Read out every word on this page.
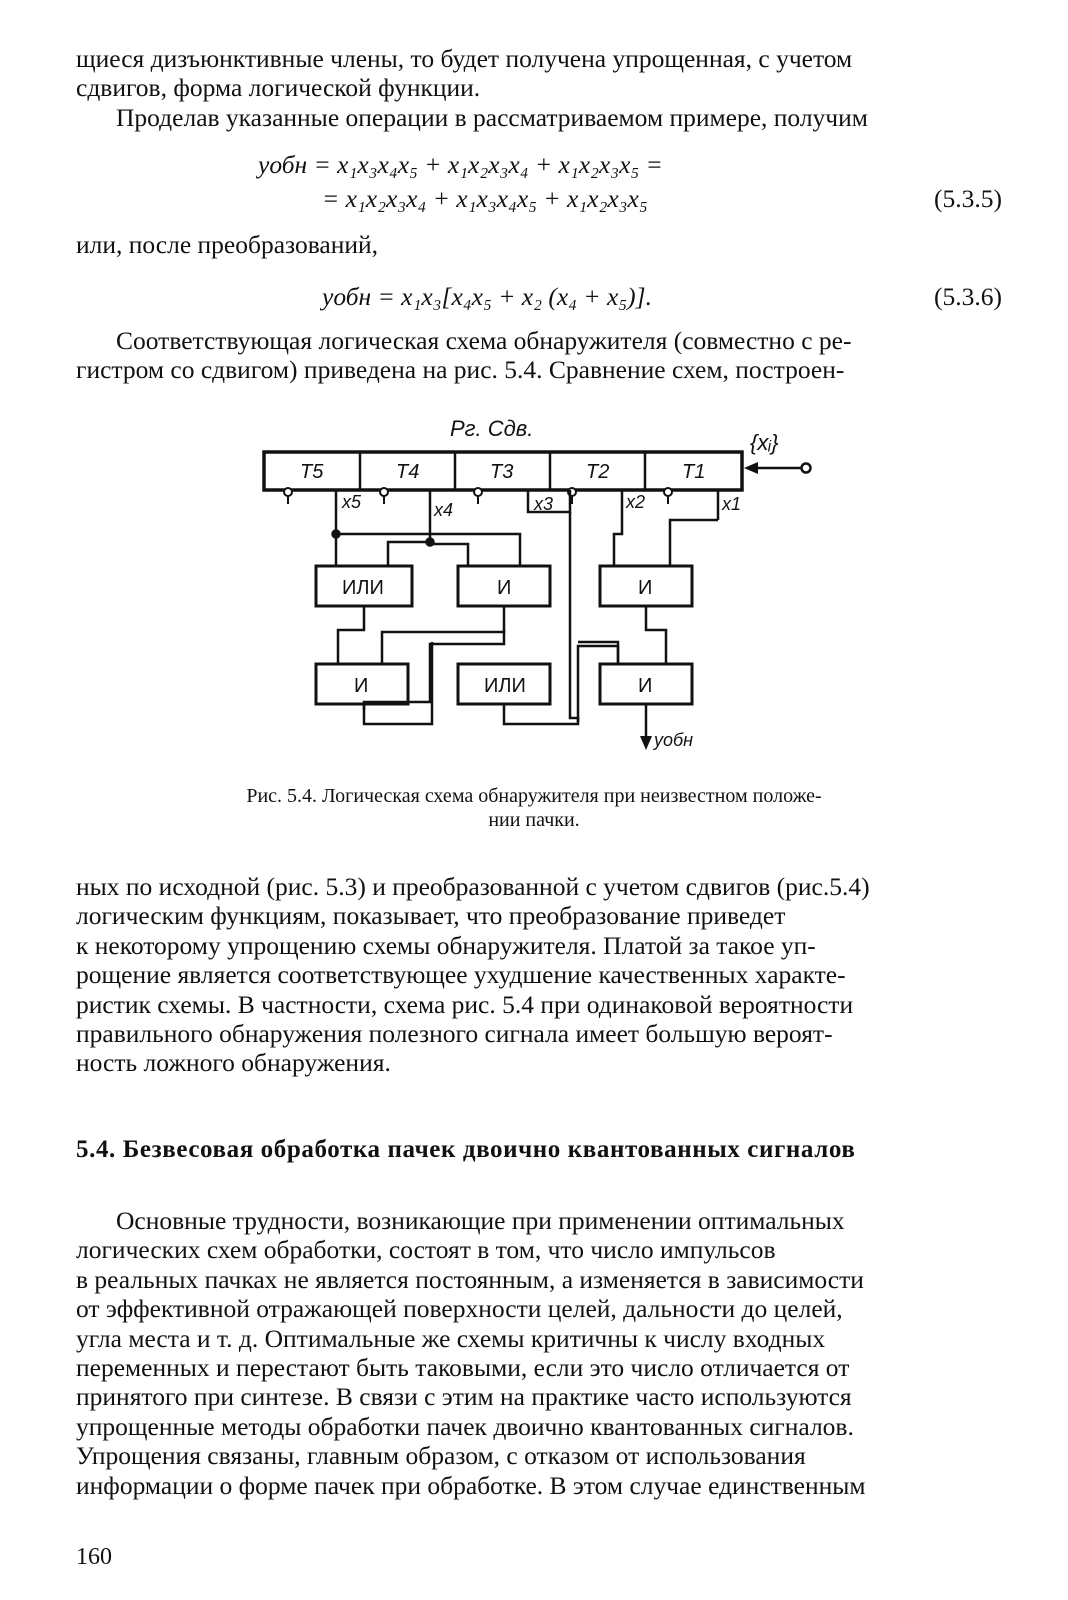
щиеся дизъюнктивные члены, то будет получена упрощенная, с учетом
сдвигов, форма логической функции.

Проделав указанные операции в рассматриваемом примере, получим

yобн = x₁x₃x₄x₅ + x₁x₂x₃x₄ + x₁x₂x₃x₅ =
= x₁x₂x₃x₄ + x₁x₃x₄x₅ + x₁x₂x₃x₅	(5.3.5)

или, после преобразований,

yобн = x₁x₃[x₄x₅ + x₂ (x₄ + x₅)].	(5.3.6)

Соответствующая логическая схема обнаружителя (совместно с ре-
гистром со сдвигом) приведена на рис. 5.4. Сравнение схем, построен-

Рг. Сдв.
T5	T4	T3	T2	T1
{xᵢ}
x5	x4	x3	x2	x1
ИЛИ	И	И
И	ИЛИ	И
yобн
Рис. 5.4. Логическая схема обнаружителя при неизвестном положе-
нии пачки.

ных по исходной (рис. 5.3) и преобразованной с учетом сдвигов (рис.5.4)
логическим функциям, показывает, что преобразование приведет
к некоторому упрощению схемы обнаружителя. Платой за такое уп-
рощение является соответствующее ухудшение качественных характе-
ристик схемы. В частности, схема рис. 5.4 при одинаковой вероятности
правильного обнаружения полезного сигнала имеет большую вероят-
ность ложного обнаружения.

5.4. Безвесовая обработка пачек двоично квантованных сигналов

Основные трудности, возникающие при применении оптимальных
логических схем обработки, состоят в том, что число импульсов
в реальных пачках не является постоянным, а изменяется в зависимости
от эффективной отражающей поверхности целей, дальности до целей,
угла места и т. д. Оптимальные же схемы критичны к числу входных
переменных и перестают быть таковыми, если это число отличается от
принятого при синтезе. В связи с этим на практике часто используются
упрощенные методы обработки пачек двоично квантованных сигналов.
Упрощения связаны, главным образом, с отказом от использования
информации о форме пачек при обработке. В этом случае единственным

160
